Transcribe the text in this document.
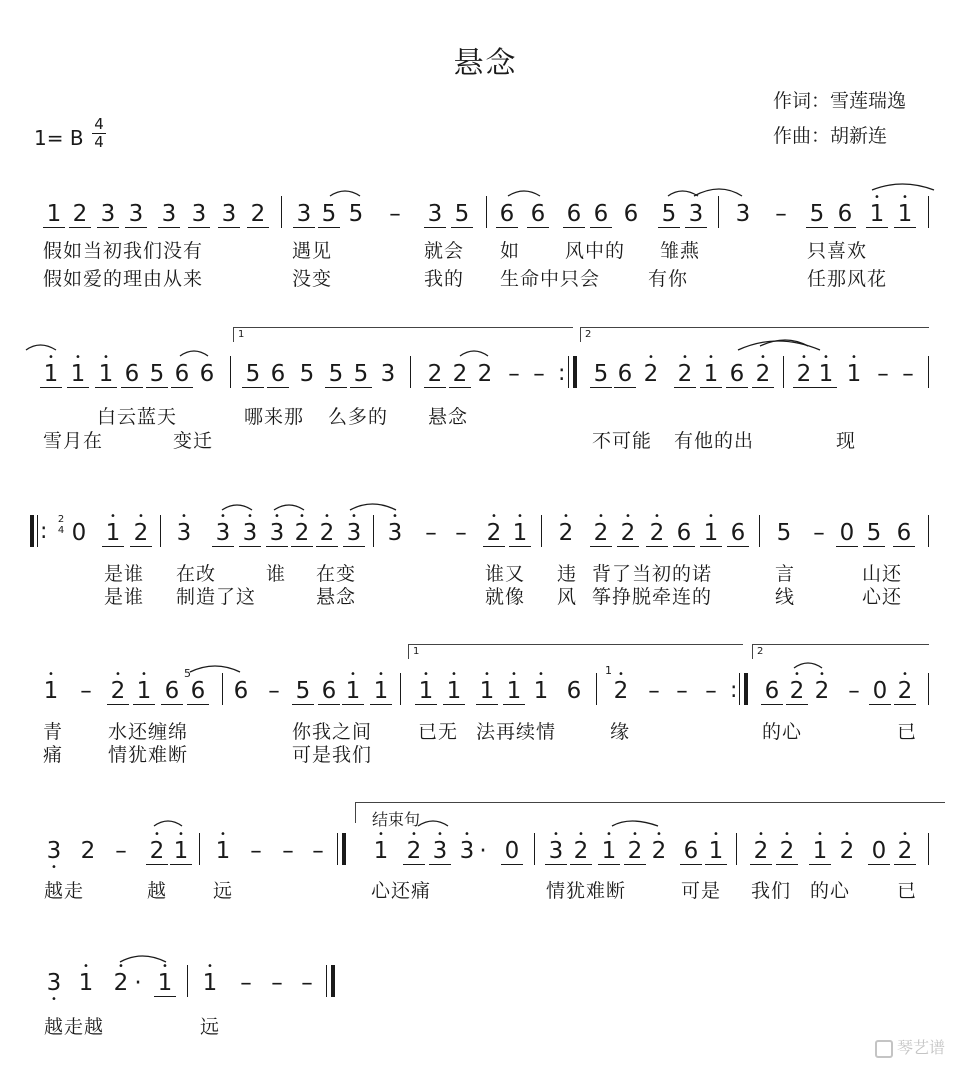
悬念
作词：雪莲瑞逸
作曲：胡新连
1= B
4
4
1 2 3 3 3 3 3 2 3 5 5 – 3 5 6 6 6 6 6 5 3 3 – 5 6
•
1
•
1
假如当初我们没有	遇见	就会 如 风中的 雏燕	只喜欢
假如爱的理由从来	没变	我的 生命中只会	有你	任那风花
1	2
•
1
•
1
•
1 6 5 6 6 5 6 5 5 5 3 2 2 2 – – : 5 6
•
2
•
2
•
1 6
•
2
•
2
•
1
•
1 – –
白云蓝天	哪来那 么多的 悬念
雪月在	变迁	不可能 有他的出	现
: 2
4 0
•
1
•
2
•
3
•
3
•
3
•
3
•
2
•
2
•
3
•
3 – –
•
2
•
1
•
2
•
2
•
2
•
2 6
•
1 6 5 – 0 5 6
是谁 在改	谁 在变	谁又 违 背了当初的诺	言	山还
是谁 制造了这	悬念	就像 风 筝挣脱牵连的	线	心还
1	2
•
1 –
•
2
•
1 6
5
6 6 – 5 6
•
1
•
1
•
1
•
1
•
1
•
1
•
1 6
1 •
2 – – – : 6
•
2
•
2 – 0
•
2
青 水还缠绵	你我之间 已无 法再续情	缘	的心	已
痛 情犹难断	可是我们
结束句
•
3 2 –
•
2
•
1
•
1 – – –
•
1
•
2
•
3
•
3 · 0
•
3
•
2
•
1
•
2
•
2 6
•
1
•
2
•
2
•
1
•
2 0
•
2
越走	越 远	心还痛	情犹难断	可是 我们 的心 已
•
3
•
1
•
2 ·
•
1
•
1 – – –
越走越	远
琴艺谱
